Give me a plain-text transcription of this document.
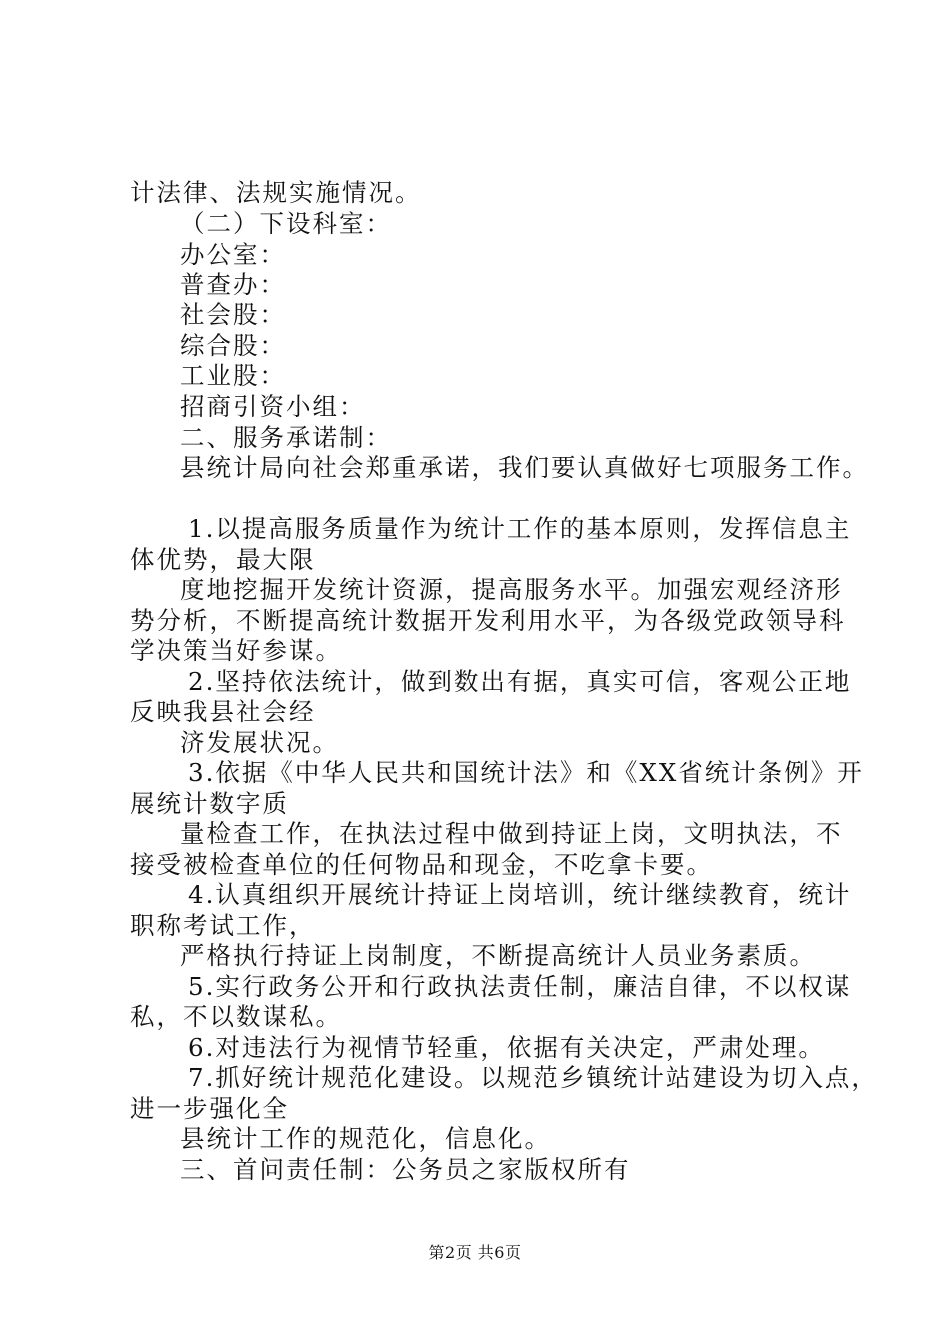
计法律、法规实施情况。

（二）下设科室：

办公室：

普查办：

社会股：

综合股：

工业股：

招商引资小组：

二、服务承诺制：

县统计局向社会郑重承诺，我们要认真做好七项服务工作。

1.以提高服务质量作为统计工作的基本原则，发挥信息主

体优势，最大限

度地挖掘开发统计资源，提高服务水平。加强宏观经济形

势分析，不断提高统计数据开发利用水平，为各级党政领导科

学决策当好参谋。

2.坚持依法统计，做到数出有据，真实可信，客观公正地

反映我县社会经

济发展状况。

3.依据《中华人民共和国统计法》和《XX省统计条例》开

展统计数字质

量检查工作，在执法过程中做到持证上岗，文明执法，不

接受被检查单位的任何物品和现金，不吃拿卡要。

4.认真组织开展统计持证上岗培训，统计继续教育，统计

职称考试工作，

严格执行持证上岗制度，不断提高统计人员业务素质。

5.实行政务公开和行政执法责任制，廉洁自律，不以权谋

私，不以数谋私。

6.对违法行为视情节轻重，依据有关决定，严肃处理。

7.抓好统计规范化建设。以规范乡镇统计站建设为切入点，

进一步强化全

县统计工作的规范化，信息化。

三、首问责任制：公务员之家版权所有

第2页 共6页
